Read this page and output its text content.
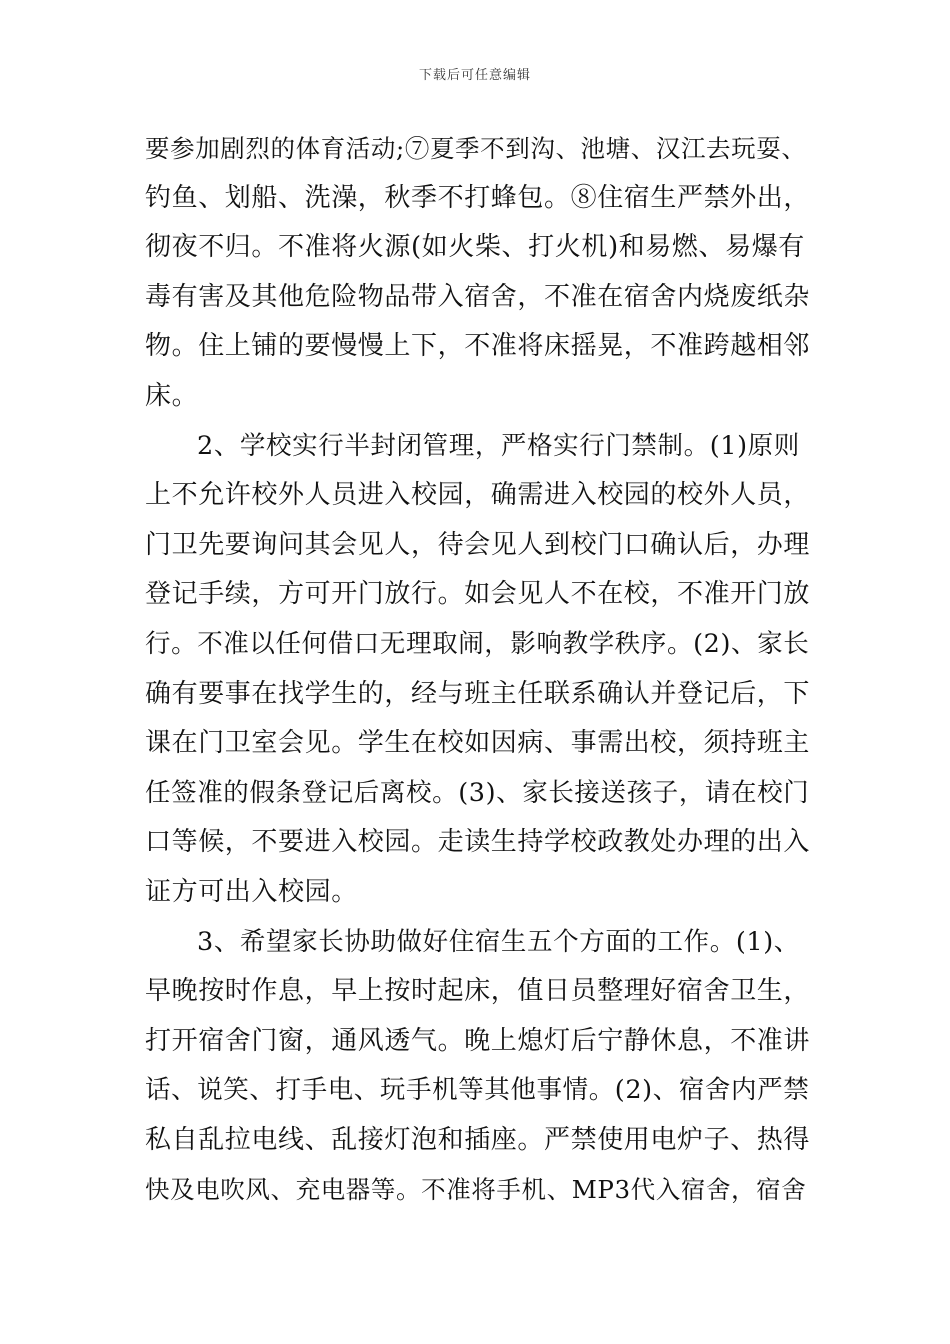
下载后可任意编辑
要参加剧烈的体育活动;⑦夏季不到沟、池塘、汉江去玩耍、
钓鱼、划船、洗澡，秋季不打蜂包。⑧住宿生严禁外出，
彻夜不归。不准将火源(如火柴、打火机)和易燃、易爆有
毒有害及其他危险物品带入宿舍，不准在宿舍内烧废纸杂
物。住上铺的要慢慢上下，不准将床摇晃，不准跨越相邻
床。
2、学校实行半封闭管理，严格实行门禁制。(1)原则
上不允许校外人员进入校园，确需进入校园的校外人员，
门卫先要询问其会见人，待会见人到校门口确认后，办理
登记手续，方可开门放行。如会见人不在校，不准开门放
行。不准以任何借口无理取闹，影响教学秩序。(2)、家长
确有要事在找学生的，经与班主任联系确认并登记后，下
课在门卫室会见。学生在校如因病、事需出校，须持班主
任签准的假条登记后离校。(3)、家长接送孩子，请在校门
口等候，不要进入校园。走读生持学校政教处办理的出入
证方可出入校园。
3、希望家长协助做好住宿生五个方面的工作。(1)、
早晚按时作息，早上按时起床，值日员整理好宿舍卫生，
打开宿舍门窗，通风透气。晚上熄灯后宁静休息，不准讲
话、说笑、打手电、玩手机等其他事情。(2)、宿舍内严禁
私自乱拉电线、乱接灯泡和插座。严禁使用电炉子、热得
快及电吹风、充电器等。不准将手机、MP3代入宿舍，宿舍
